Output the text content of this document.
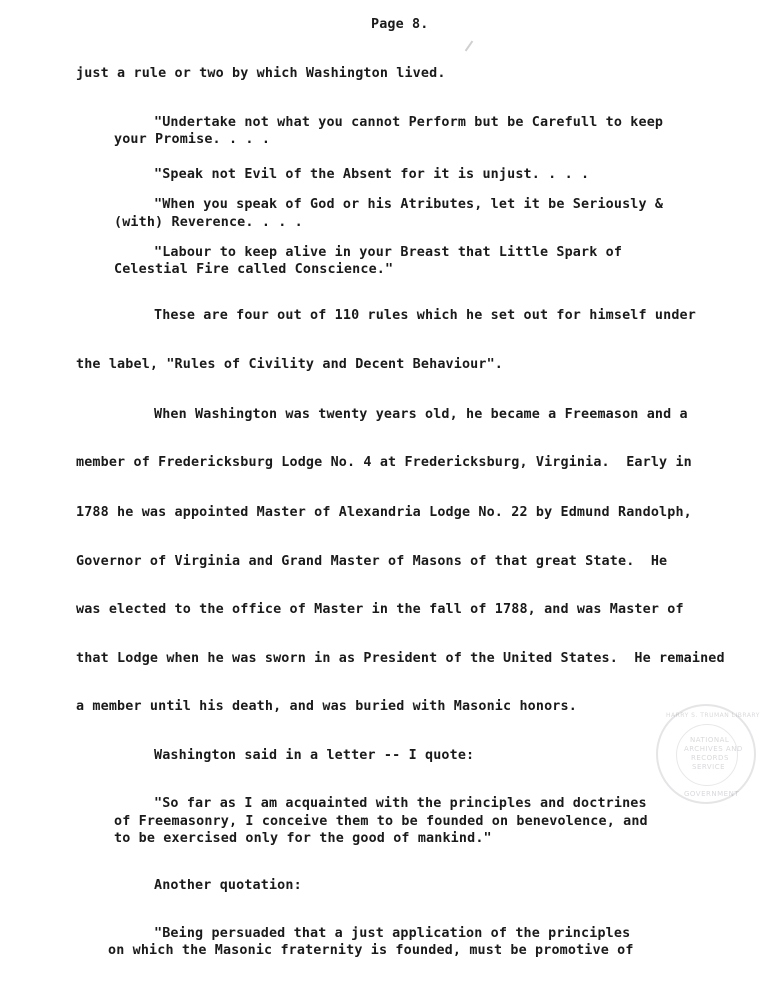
Page 8.
just a rule or two by which Washington lived.
"Undertake not what you cannot Perform but be Carefull to keep
your Promise. . . .
"Speak not Evil of the Absent for it is unjust. . . .
"When you speak of God or his Atributes, let it be Seriously &
(with) Reverence. . . .
"Labour to keep alive in your Breast that Little Spark of
Celestial Fire called Conscience."
These are four out of 110 rules which he set out for himself under
the label, "Rules of Civility and Decent Behaviour".
When Washington was twenty years old, he became a Freemason and a
member of Fredericksburg Lodge No. 4 at Fredericksburg, Virginia.  Early in
1788 he was appointed Master of Alexandria Lodge No. 22 by Edmund Randolph,
Governor of Virginia and Grand Master of Masons of that great State.  He
was elected to the office of Master in the fall of 1788, and was Master of
that Lodge when he was sworn in as President of the United States.  He remained
a member until his death, and was buried with Masonic honors.
Washington said in a letter -- I quote:
"So far as I am acquainted with the principles and doctrines
of Freemasonry, I conceive them to be founded on benevolence, and
to be exercised only for the good of mankind."
Another quotation:
"Being persuaded that a just application of the principles
on which the Masonic fraternity is founded, must be promotive of
HARRY S. TRUMAN LIBRARY
NATIONAL
ARCHIVES AND
RECORDS
SERVICE
GOVERNMENT
